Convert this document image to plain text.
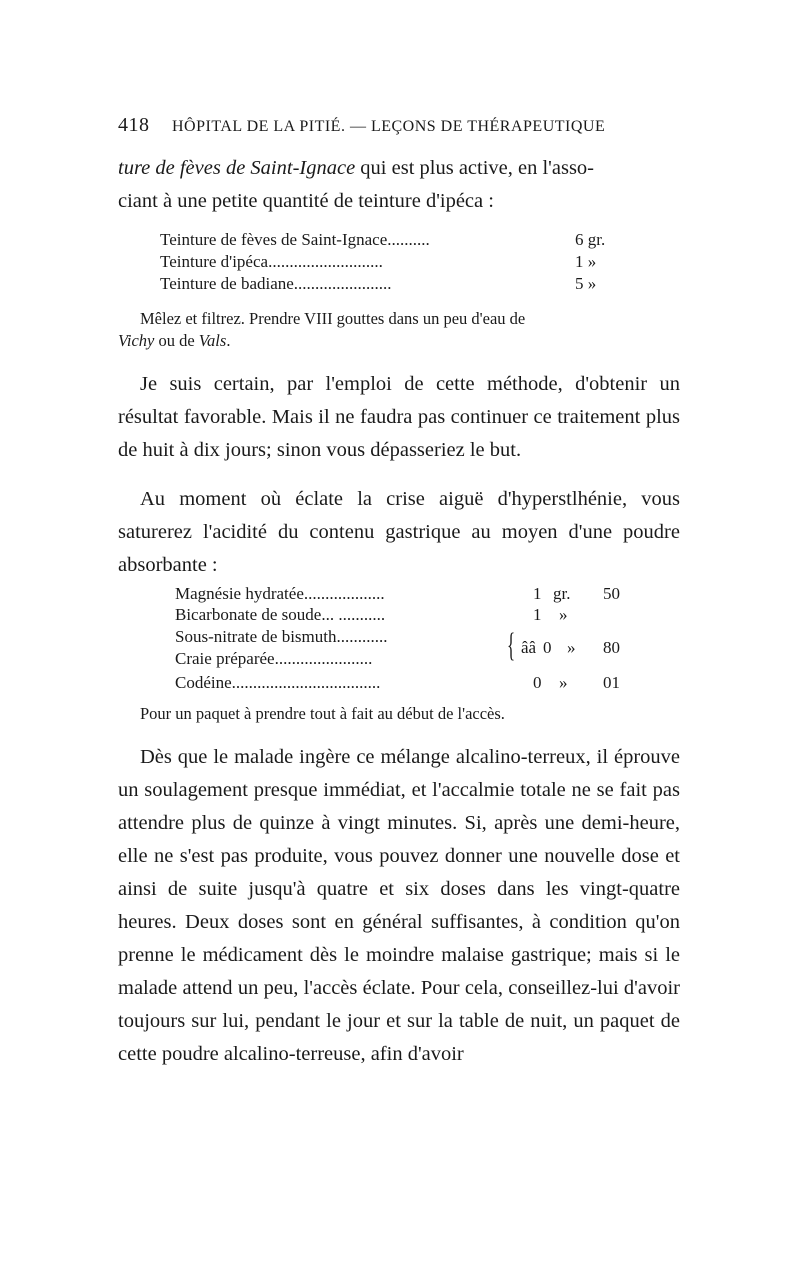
418 HÔPITAL DE LA PITIÉ. — LEÇONS DE THÉRAPEUTIQUE
ture de fèves de Saint-Ignace qui est plus active, en l'asso-
ciant à une petite quantité de teinture d'ipéca :
Teinture de fèves de Saint-Ignace..........	6 gr.
Teinture d'ipéca...........................	1 »
Teinture de badiane.......................	5 »
Mêlez et filtrez. Prendre VIII gouttes dans un peu d'eau de
Vichy ou de Vals.
Je suis certain, par l'emploi de cette méthode, d'obtenir un résultat favorable. Mais il ne faudra pas continuer ce traitement plus de huit à dix jours; sinon vous dépasseriez le but.
Au moment où éclate la crise aiguë d'hyperstlhénie, vous saturerez l'acidité du contenu gastrique au moyen d'une poudre absorbante :
Magnésie hydratée...................	1 gr. 50
Bicarbonate de soude... ...........	1 »
Sous-nitrate de bismuth............
Craie préparée.......................	{ ââ 0 » 80
Codéine...................................	0 » 01
Pour un paquet à prendre tout à fait au début de l'accès.
Dès que le malade ingère ce mélange alcalino-terreux, il éprouve un soulagement presque immédiat, et l'accalmie totale ne se fait pas attendre plus de quinze à vingt minutes. Si, après une demi-heure, elle ne s'est pas produite, vous pouvez donner une nouvelle dose et ainsi de suite jusqu'à quatre et six doses dans les vingt-quatre heures. Deux doses sont en général suffisantes, à condition qu'on prenne le médicament dès le moindre malaise gastrique; mais si le malade attend un peu, l'accès éclate. Pour cela, conseillez-lui d'avoir toujours sur lui, pendant le jour et sur la table de nuit, un paquet de cette poudre alcalino-terreuse, afin d'avoir
